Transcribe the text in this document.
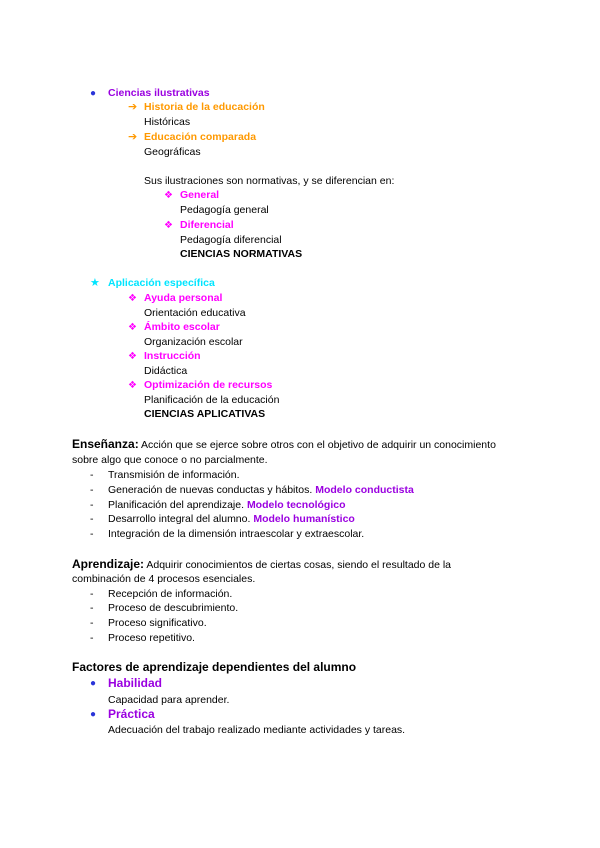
● Ciencias ilustrativas
➔ Historia de la educación
Históricas
➔ Educación comparada
Geográficas
Sus ilustraciones son normativas, y se diferencian en:
❖ General
Pedagogía general
❖ Diferencial
Pedagogía diferencial
CIENCIAS NORMATIVAS
★ Aplicación específica
❖ Ayuda personal
Orientación educativa
❖ Ámbito escolar
Organización escolar
❖ Instrucción
Didáctica
❖ Optimización de recursos
Planificación de la educación
CIENCIAS APLICATIVAS
Enseñanza: Acción que se ejerce sobre otros con el objetivo de adquirir un conocimiento
sobre algo que conoce o no parcialmente.
- Transmisión de información.
- Generación de nuevas conductas y hábitos. Modelo conductista
- Planificación del aprendizaje. Modelo tecnológico
- Desarrollo integral del alumno. Modelo humanístico
- Integración de la dimensión intraescolar y extraescolar.
Aprendizaje: Adquirir conocimientos de ciertas cosas, siendo el resultado de la
combinación de 4 procesos esenciales.
- Recepción de información.
- Proceso de descubrimiento.
- Proceso significativo.
- Proceso repetitivo.
Factores de aprendizaje dependientes del alumno
● Habilidad
Capacidad para aprender.
● Práctica
Adecuación del trabajo realizado mediante actividades y tareas.
